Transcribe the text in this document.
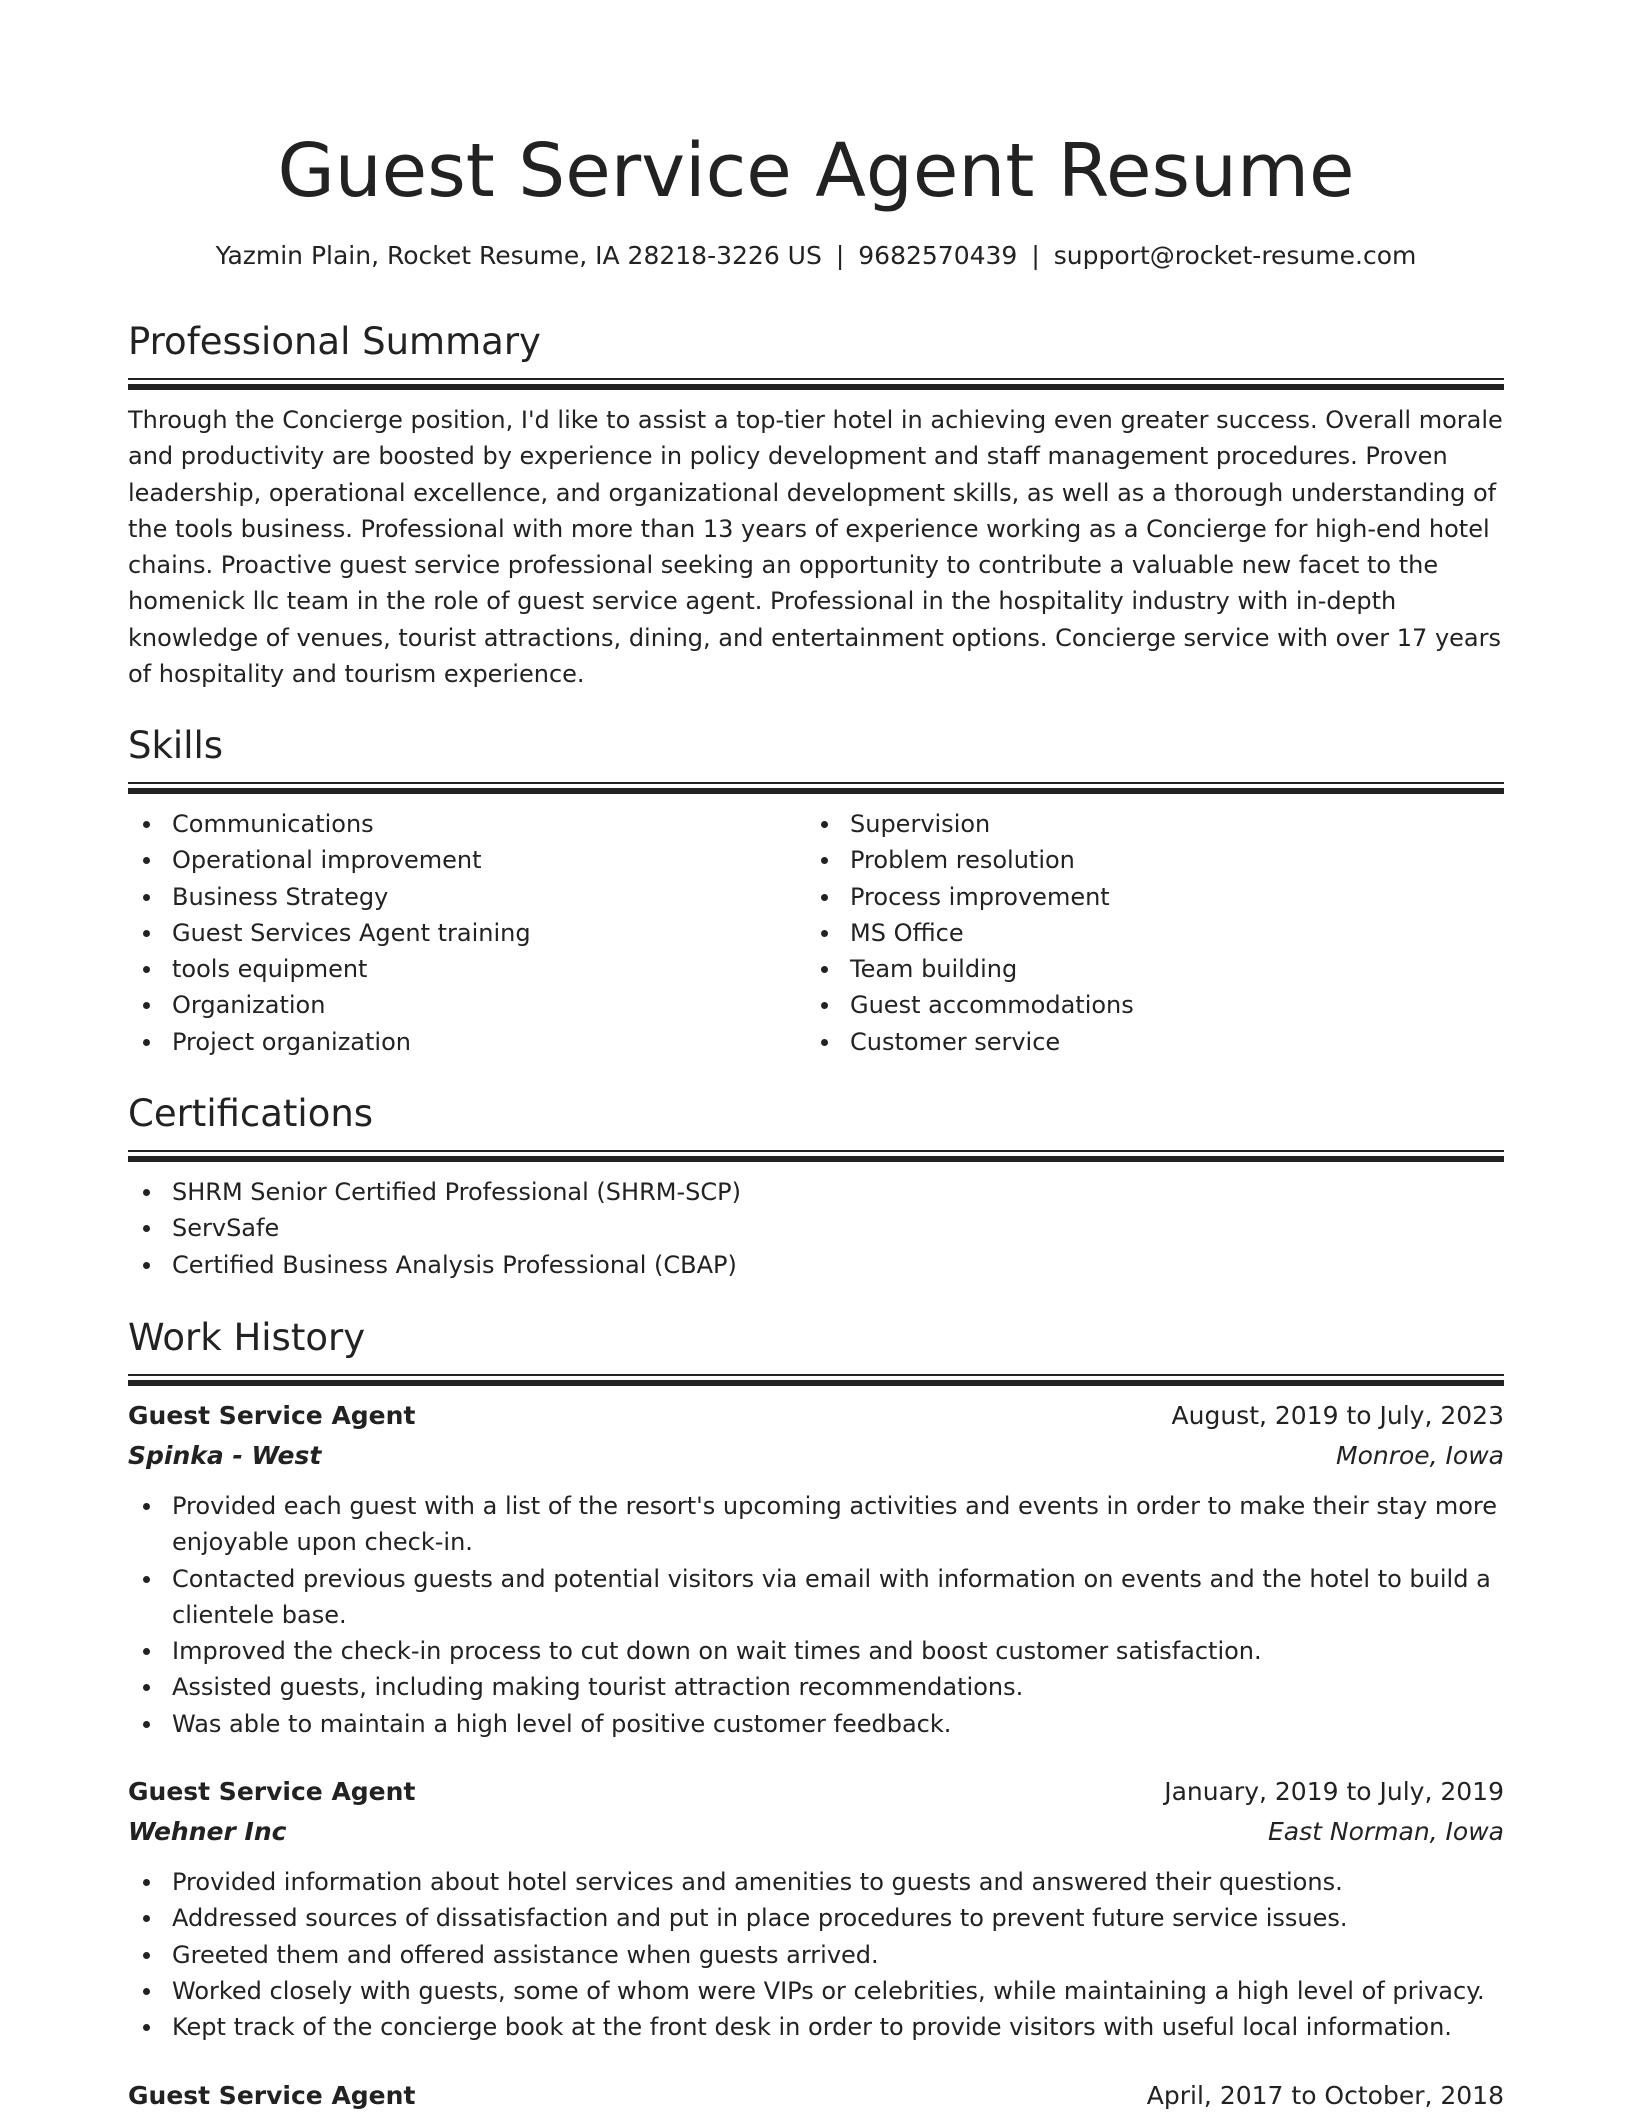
Guest Service Agent Resume
Yazmin Plain, Rocket Resume, IA 28218-3226 US | 9682570439 | support@rocket-resume.com
Professional Summary

Through the Concierge position, I'd like to assist a top-tier hotel in achieving even greater success. Overall morale and productivity are boosted by experience in policy development and staff management procedures. Proven leadership, operational excellence, and organizational development skills, as well as a thorough understanding of the tools business. Professional with more than 13 years of experience working as a Concierge for high-end hotel chains. Proactive guest service professional seeking an opportunity to contribute a valuable new facet to the homenick llc team in the role of guest service agent. Professional in the hospitality industry with in-depth knowledge of venues, tourist attractions, dining, and entertainment options. Concierge service with over 17 years of hospitality and tourism experience.

Skills
Communications
Operational improvement
Business Strategy
Guest Services Agent training
tools equipment
Organization
Project organization
Supervision
Problem resolution
Process improvement
MS Office
Team building
Guest accommodations
Customer service
Certifications
SHRM Senior Certified Professional (SHRM-SCP)
ServSafe
Certified Business Analysis Professional (CBAP)
Work History
Guest Service Agent	August, 2019 to July, 2023
Spinka - West	Monroe, Iowa
Provided each guest with a list of the resort's upcoming activities and events in order to make their stay more enjoyable upon check-in.
Contacted previous guests and potential visitors via email with information on events and the hotel to build a clientele base.
Improved the check-in process to cut down on wait times and boost customer satisfaction.
Assisted guests, including making tourist attraction recommendations.
Was able to maintain a high level of positive customer feedback.
Guest Service Agent	January, 2019 to July, 2019
Wehner Inc	East Norman, Iowa
Provided information about hotel services and amenities to guests and answered their questions.
Addressed sources of dissatisfaction and put in place procedures to prevent future service issues.
Greeted them and offered assistance when guests arrived.
Worked closely with guests, some of whom were VIPs or celebrities, while maintaining a high level of privacy.
Kept track of the concierge book at the front desk in order to provide visitors with useful local information.
Guest Service Agent	April, 2017 to October, 2018
